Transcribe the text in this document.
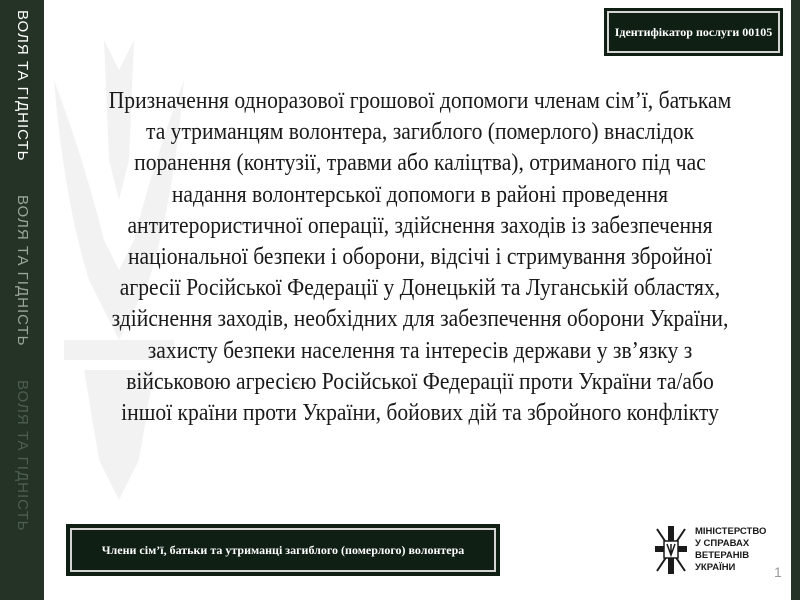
ВОЛЯ ТА ГІДНІСТЬ
ВОЛЯ ТА ГІДНІСТЬ
ВОЛЯ ТА ГІДНІСТЬ
Ідентифікатор послуги 00105
Призначення одноразової грошової допомоги членам сім’ї, батькам
та утриманцям волонтера, загиблого (померлого) внаслідок
поранення (контузії, травми або каліцтва), отриманого під час
надання волонтерської допомоги в районі проведення
антитерористичної операції, здійснення заходів із забезпечення
національної безпеки і оборони, відсічі і стримування збройної
агресії Російської Федерації у Донецькій та Луганській областях,
здійснення заходів, необхідних для забезпечення оборони України,
захисту безпеки населення та інтересів держави у зв’язку з
військовою агресією Російської Федерації проти України та/або
іншої країни проти України, бойових дій та збройного конфлікту
Члени сім’ї, батьки та утриманці загиблого (померлого) волонтера
МІНІСТЕРСТВО
У СПРАВАХ
ВЕТЕРАНІВ
УКРАЇНИ	1
